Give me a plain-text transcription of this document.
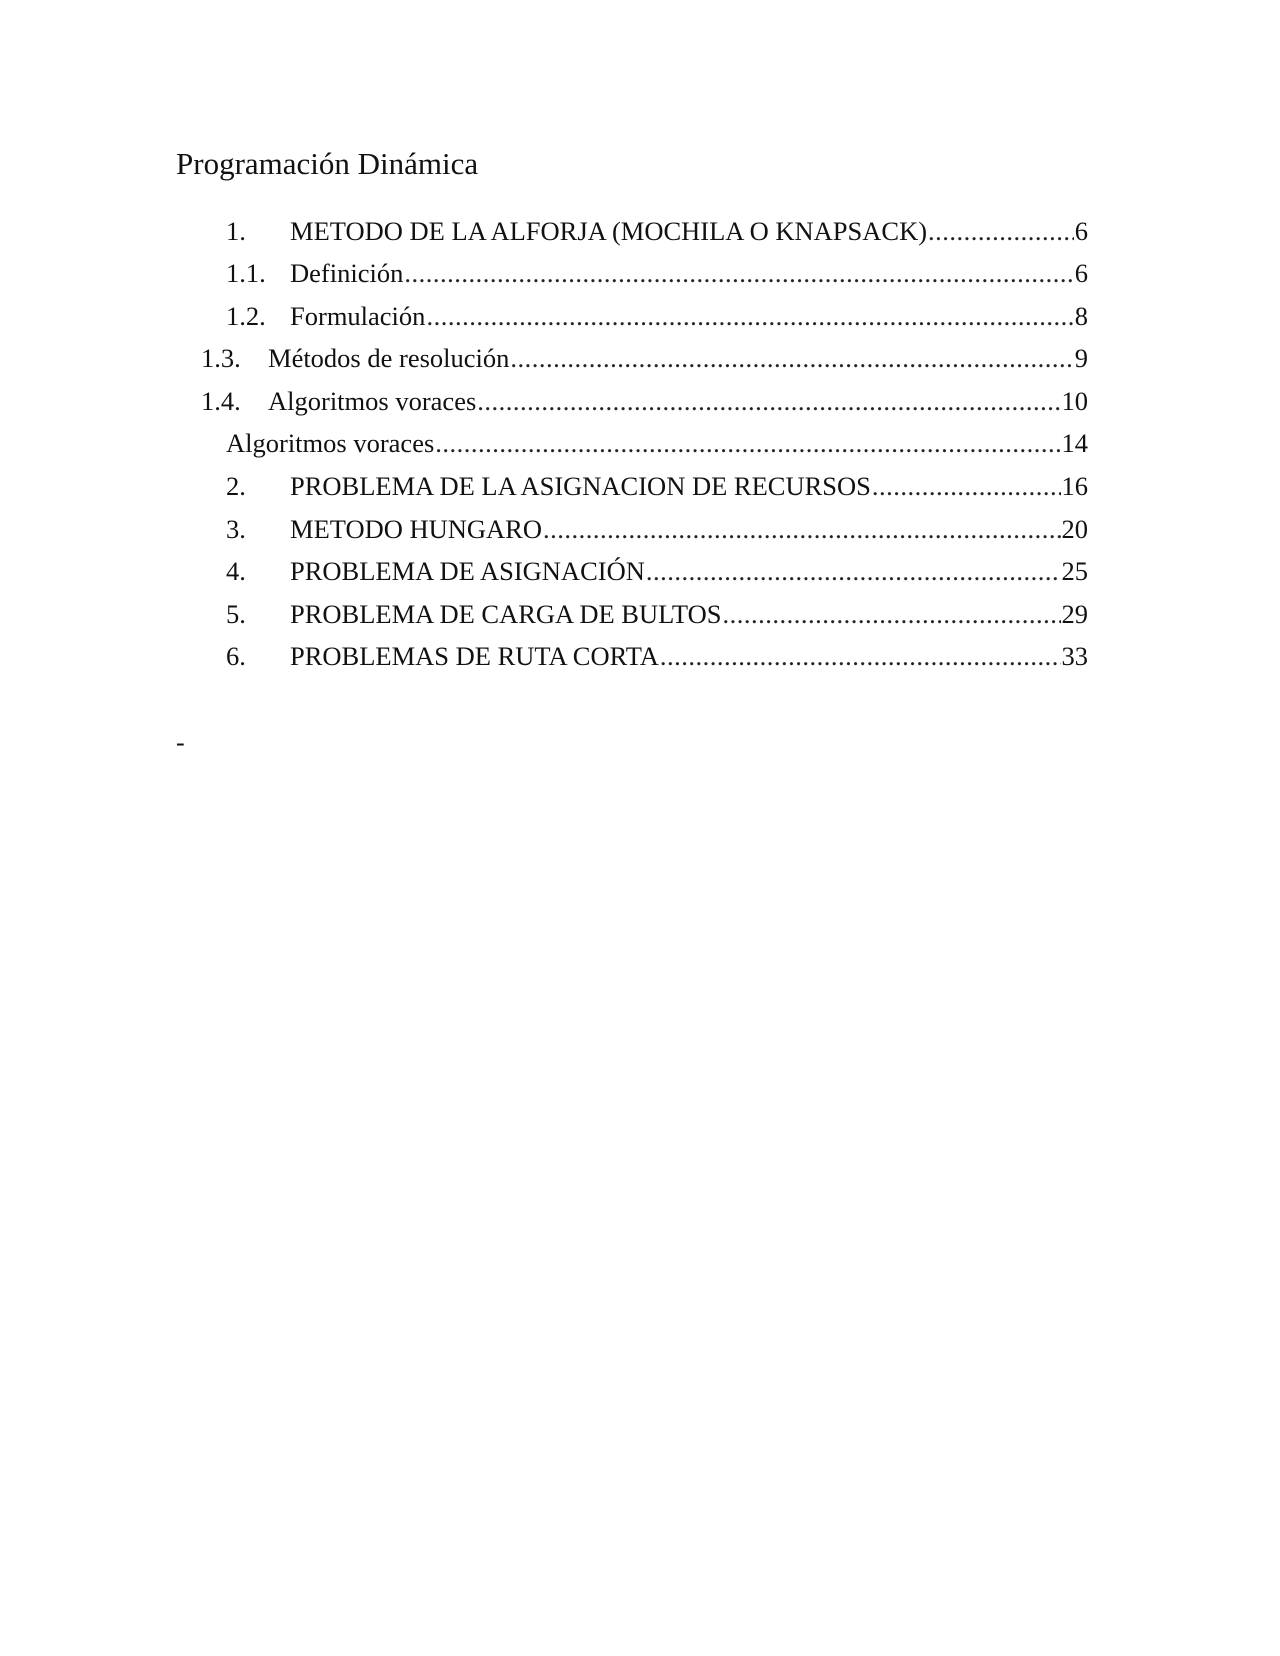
Programación Dinámica
1.	METODO DE LA ALFORJA (MOCHILA O KNAPSACK) .....	6
1.1. Definición .....	6
1.2. Formulación .....	8
1.3.	Métodos de resolución .....	9
1.4.	Algoritmos voraces .....	10
Algoritmos voraces .....	14
2.	PROBLEMA DE LA ASIGNACION DE RECURSOS .....	16
3.	METODO HUNGARO .....	20
4.	PROBLEMA DE ASIGNACIÓN .....	25
5.	PROBLEMA DE CARGA DE BULTOS .....	29
6.	PROBLEMAS DE RUTA CORTA .....	33
-
